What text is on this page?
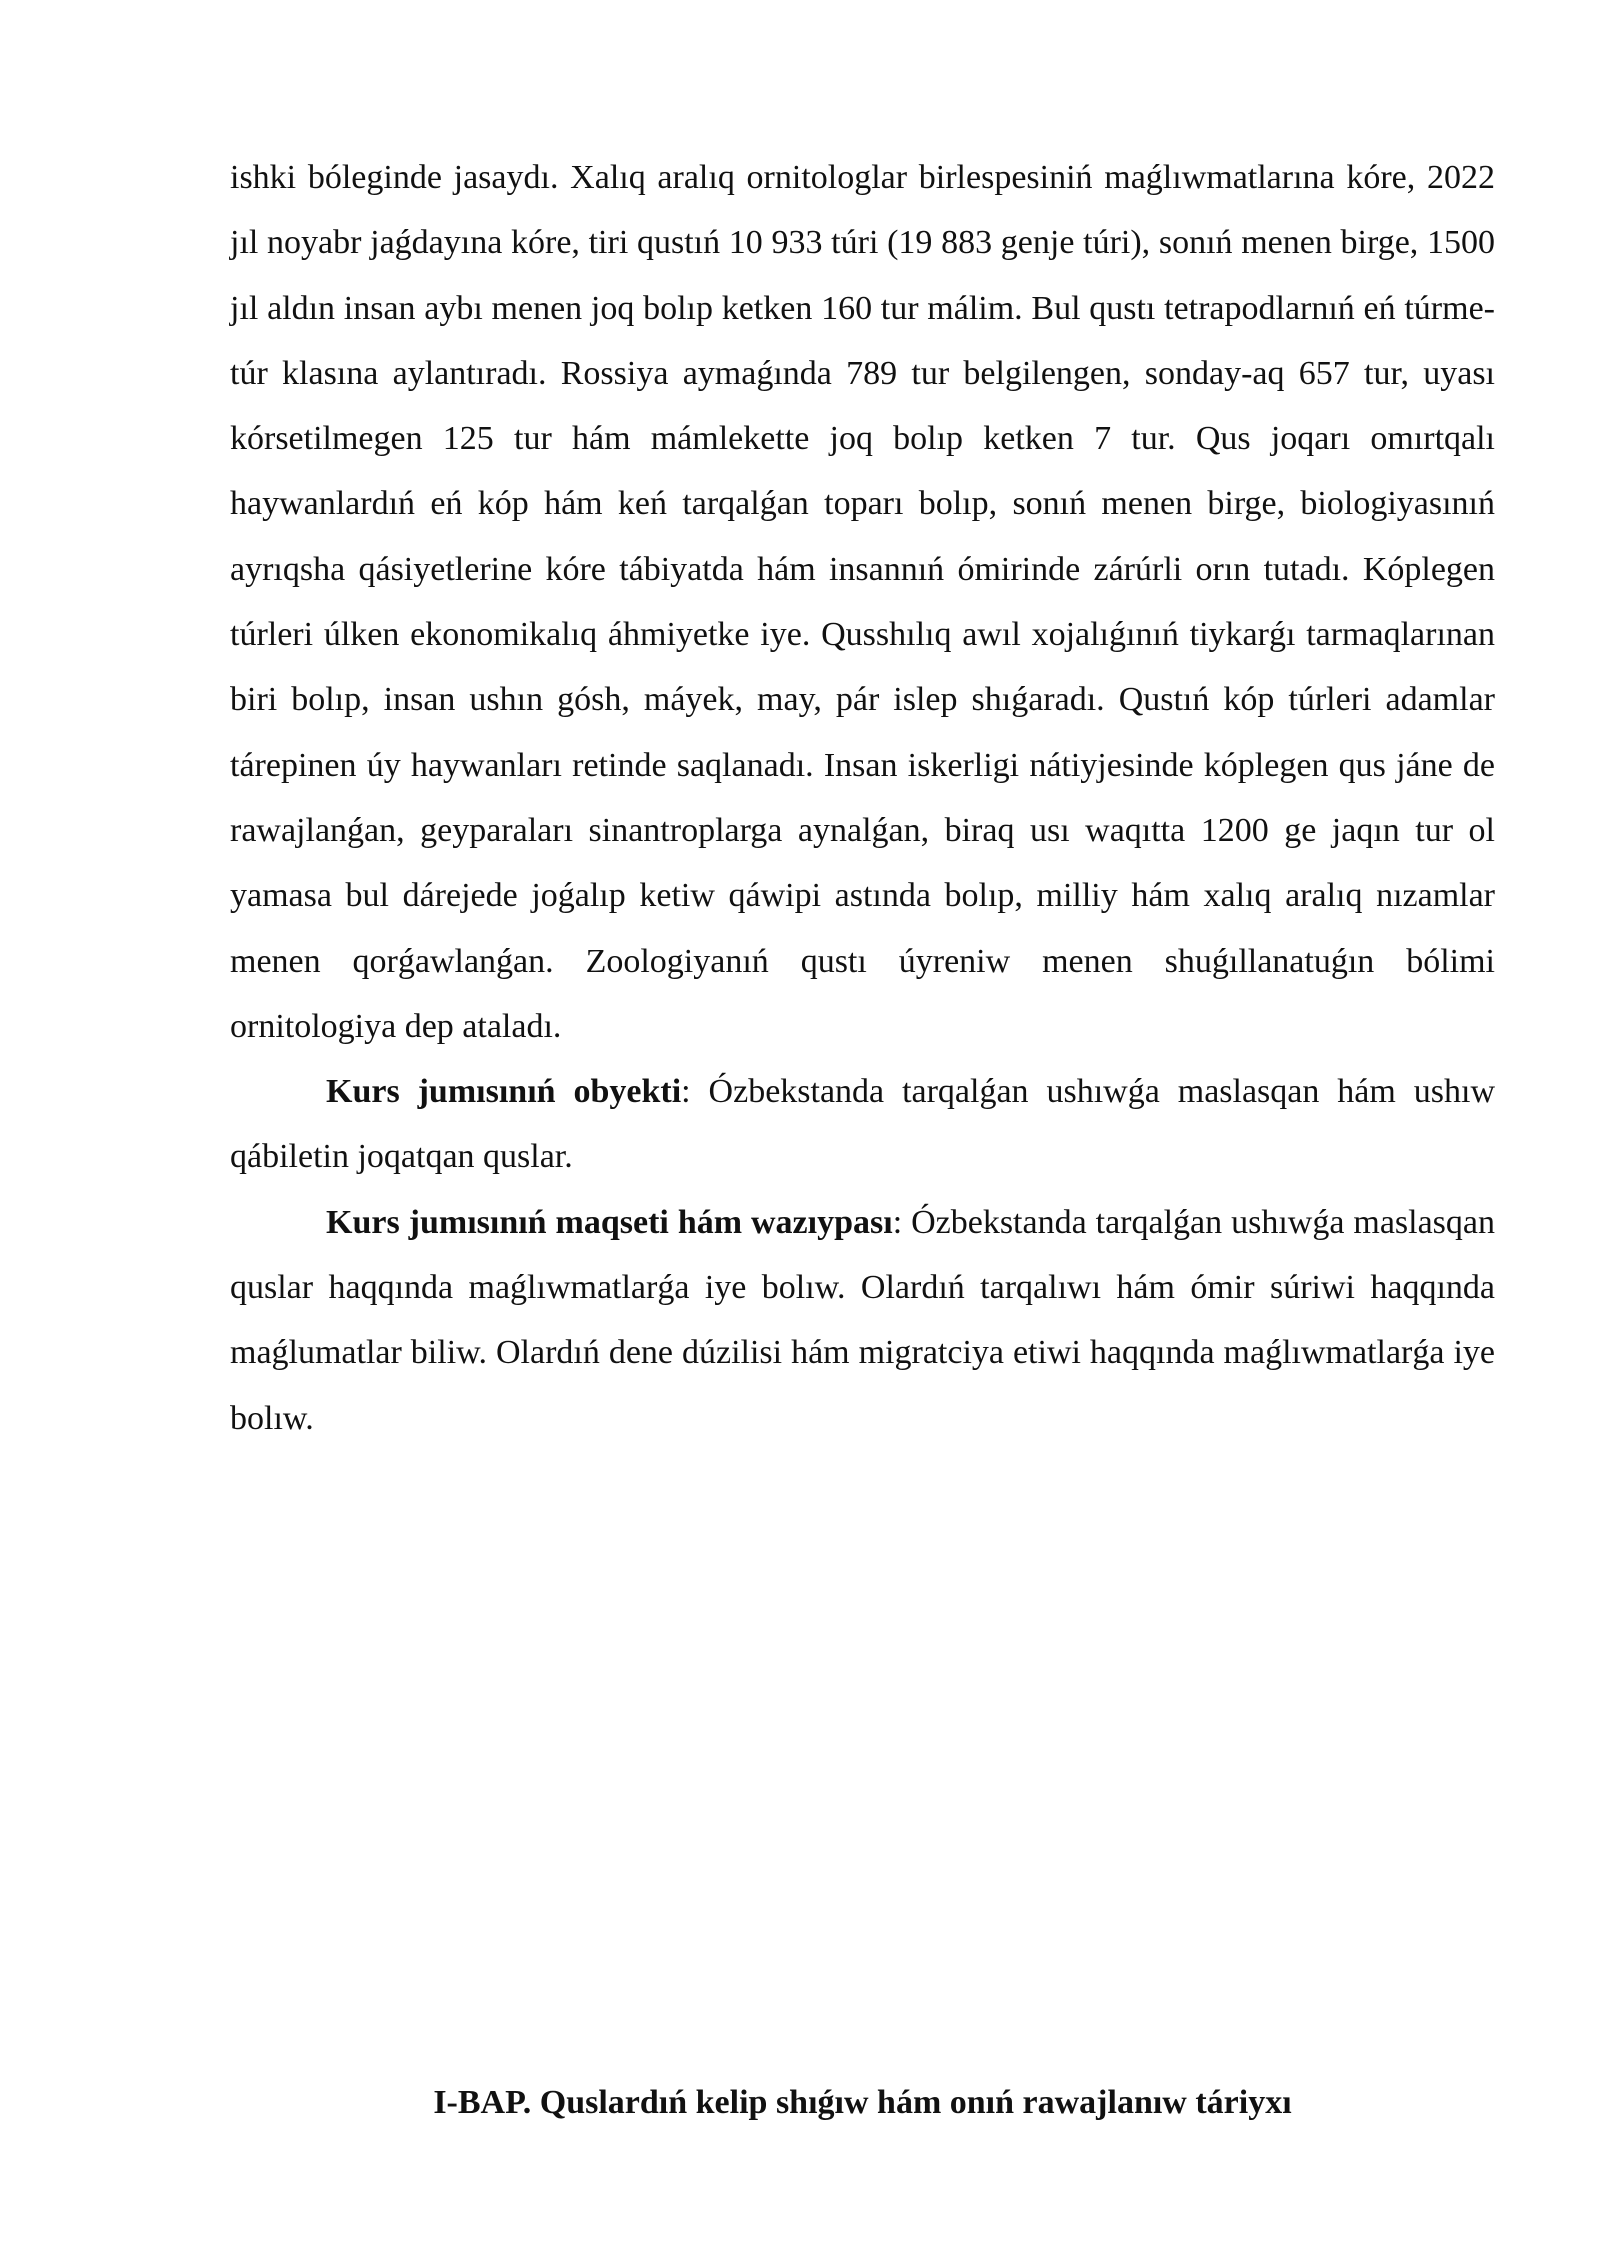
ishki bóleginde jasaydı. Xalıq aralıq ornitologlar birlespesiniń maǵlıwmatlarına kóre, 2022 jıl noyabr jaǵdayına kóre, tiri qustıń 10 933 túri (19 883 genje túri), sonıń menen birge, 1500 jıl aldın insan aybı menen joq bolıp ketken 160 tur málim. Bul qustı tetrapodlarnıń eń túrme-túr klasına aylantıradı. Rossiya aymaǵında 789 tur belgilengen, sonday-aq 657 tur, uyası kórsetilmegen 125 tur hám mámlekette joq bolıp ketken 7 tur. Qus joqarı omırtqalı haywanlardıń eń kóp hám keń tarqalǵan toparı bolıp, sonıń menen birge, biologiyasınıń ayrıqsha qásiyetlerine kóre tábiyatda hám insannıń ómirinde zárúrli orın tutadı. Kóplegen túrleri úlken ekonomikalıq áhmiyetke iye. Qusshılıq awıl xojalıǵınıń tiykarǵı tarmaqlarınan biri bolıp, insan ushın gósh, máyek, may, pár islep shıǵaradı. Qustıń kóp túrleri adamlar tárepinen úy haywanları retinde saqlanadı. Insan iskerligi nátiyjesinde kóplegen qus jáne de rawajlanǵan, geyparaları sinantroplarga aynalǵan, biraq usı waqıtta 1200 ge jaqın tur ol yamasa bul dárejede joǵalıp ketiw qáwipi astında bolıp, milliy hám xalıq aralıq nızamlar menen qorǵawlanǵan. Zoologiyanıń qustı úyreniw menen shuǵıllanatuǵın bólimi ornitologiya dep ataladı.

Kurs jumısınıń obyekti: Ózbekstanda tarqalǵan ushıwǵa maslasqan hám ushıw qábiletin joqatqan quslar.

Kurs jumısınıń maqseti hám wazıypası: Ózbekstanda tarqalǵan ushıwǵa maslasqan quslar haqqında maǵlıwmatlarǵa iye bolıw. Olardıń tarqalıwı hám ómir súriwi haqqında maǵlumatlar biliw. Olardıń dene dúzilisi hám migratciya etiwi haqqında maǵlıwmatlarǵa iye bolıw.

I-BAP. Quslardıń kelip shıǵıw hám onıń rawajlanıw táriyxı
